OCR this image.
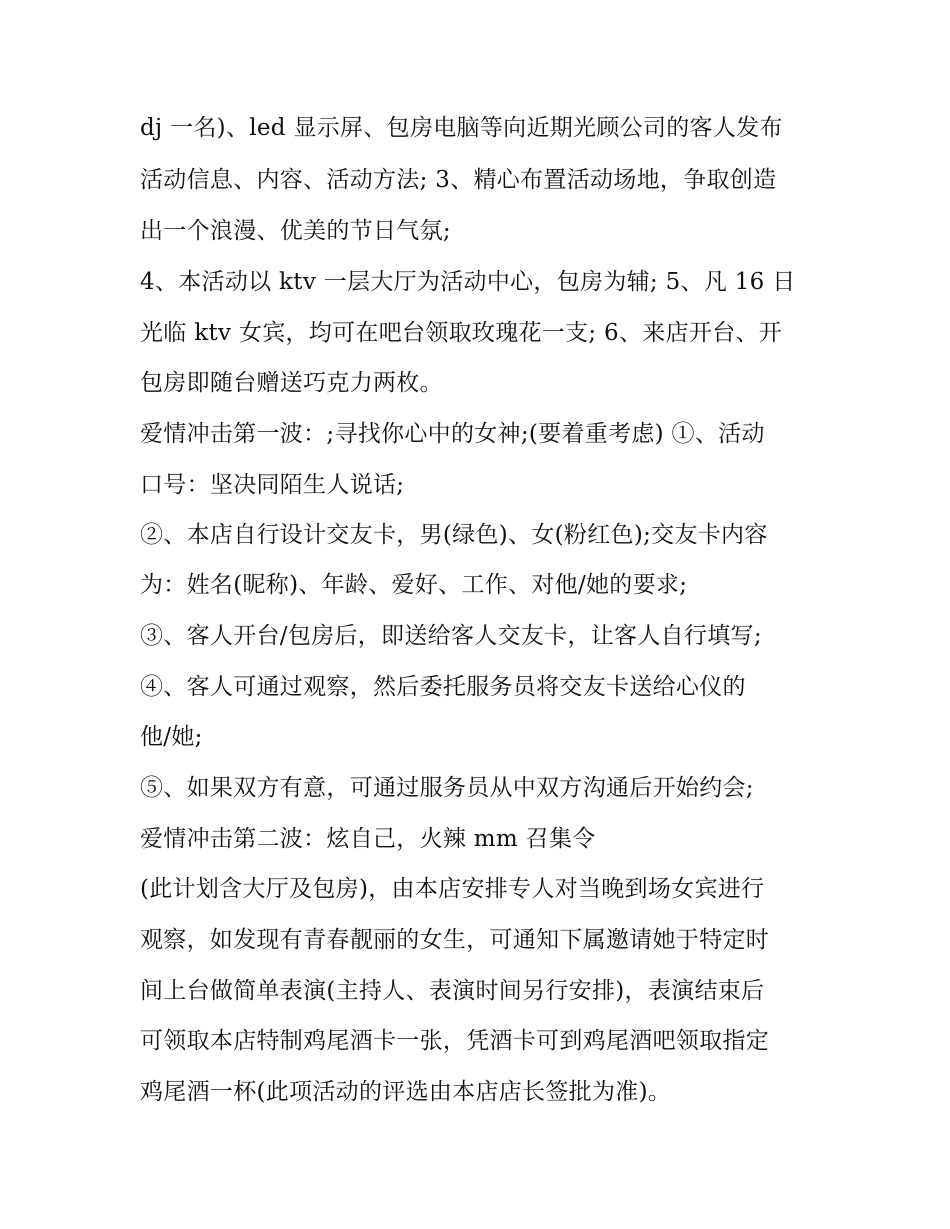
dj 一名)、led 显示屏、包房电脑等向近期光顾公司的客人发布
活动信息、内容、活动方法; 3、精心布置活动场地，争取创造
出一个浪漫、优美的节日气氛;
4、本活动以 ktv 一层大厅为活动中心，包房为辅; 5、凡 16 日
光临 ktv 女宾，均可在吧台领取玫瑰花一支; 6、来店开台、开
包房即随台赠送巧克力两枚。
爱情冲击第一波：;寻找你心中的女神;(要着重考虑) ①、活动
口号：坚决同陌生人说话;
②、本店自行设计交友卡，男(绿色)、女(粉红色);交友卡内容
为：姓名(昵称)、年龄、爱好、工作、对他/她的要求;
③、客人开台/包房后，即送给客人交友卡，让客人自行填写;
④、客人可通过观察，然后委托服务员将交友卡送给心仪的
他/她;
⑤、如果双方有意，可通过服务员从中双方沟通后开始约会;
爱情冲击第二波：炫自己，火辣 mm 召集令
(此计划含大厅及包房)，由本店安排专人对当晚到场女宾进行
观察，如发现有青春靓丽的女生，可通知下属邀请她于特定时
间上台做简单表演(主持人、表演时间另行安排)，表演结束后
可领取本店特制鸡尾酒卡一张，凭酒卡可到鸡尾酒吧领取指定
鸡尾酒一杯(此项活动的评选由本店店长签批为准)。
